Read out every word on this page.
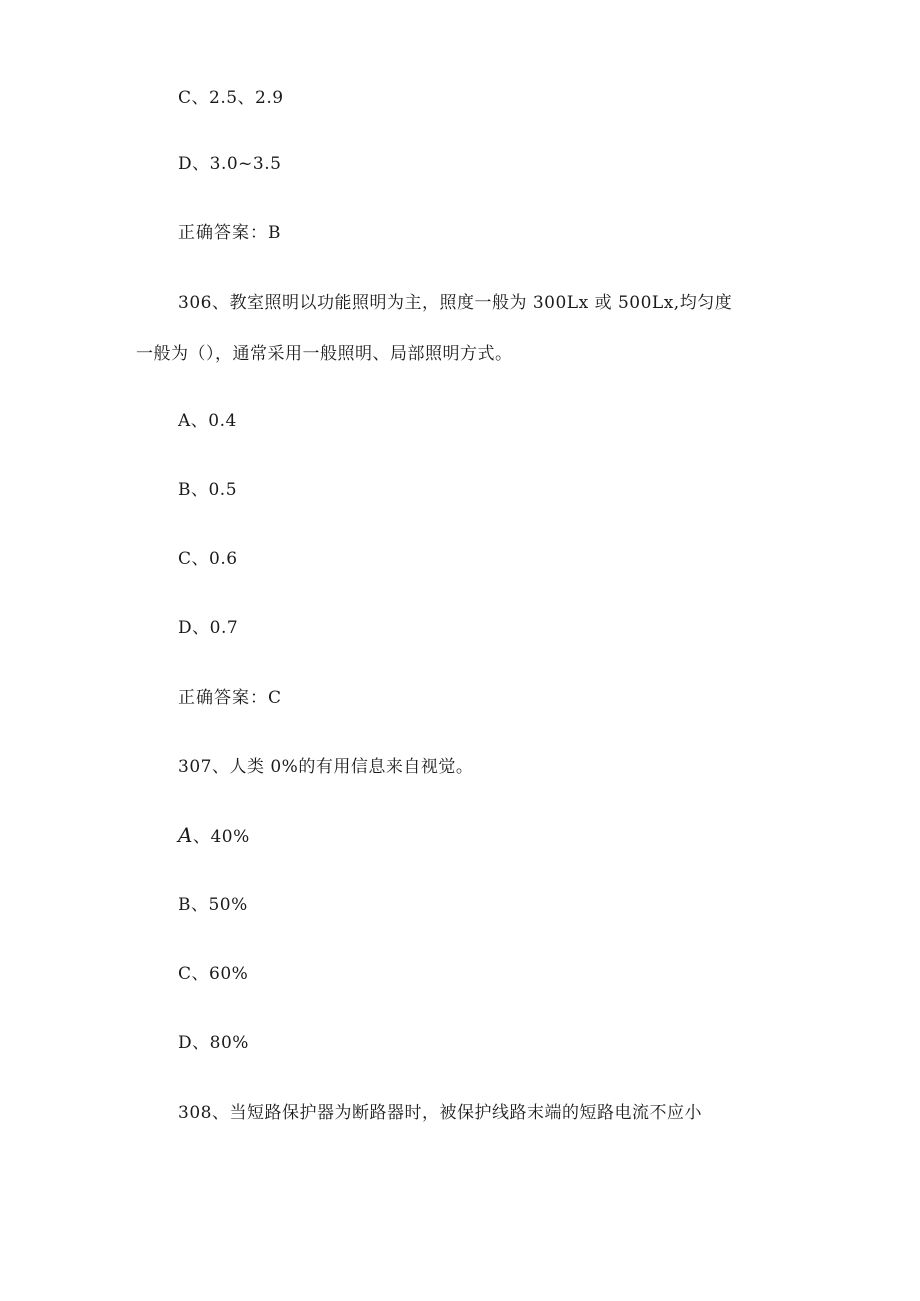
C、2.5、2.9
D、3.0~3.5
正确答案：B
306、教室照明以功能照明为主，照度一般为 300Lx 或 500Lx,均匀度
一般为（），通常采用一般照明、局部照明方式。
A、0.4
B、0.5
C、0.6
D、0.7
正确答案：C
307、人类 0%的有用信息来自视觉。
A、40%
B、50%
C、60%
D、80%
308、当短路保护器为断路器时，被保护线路末端的短路电流不应小
